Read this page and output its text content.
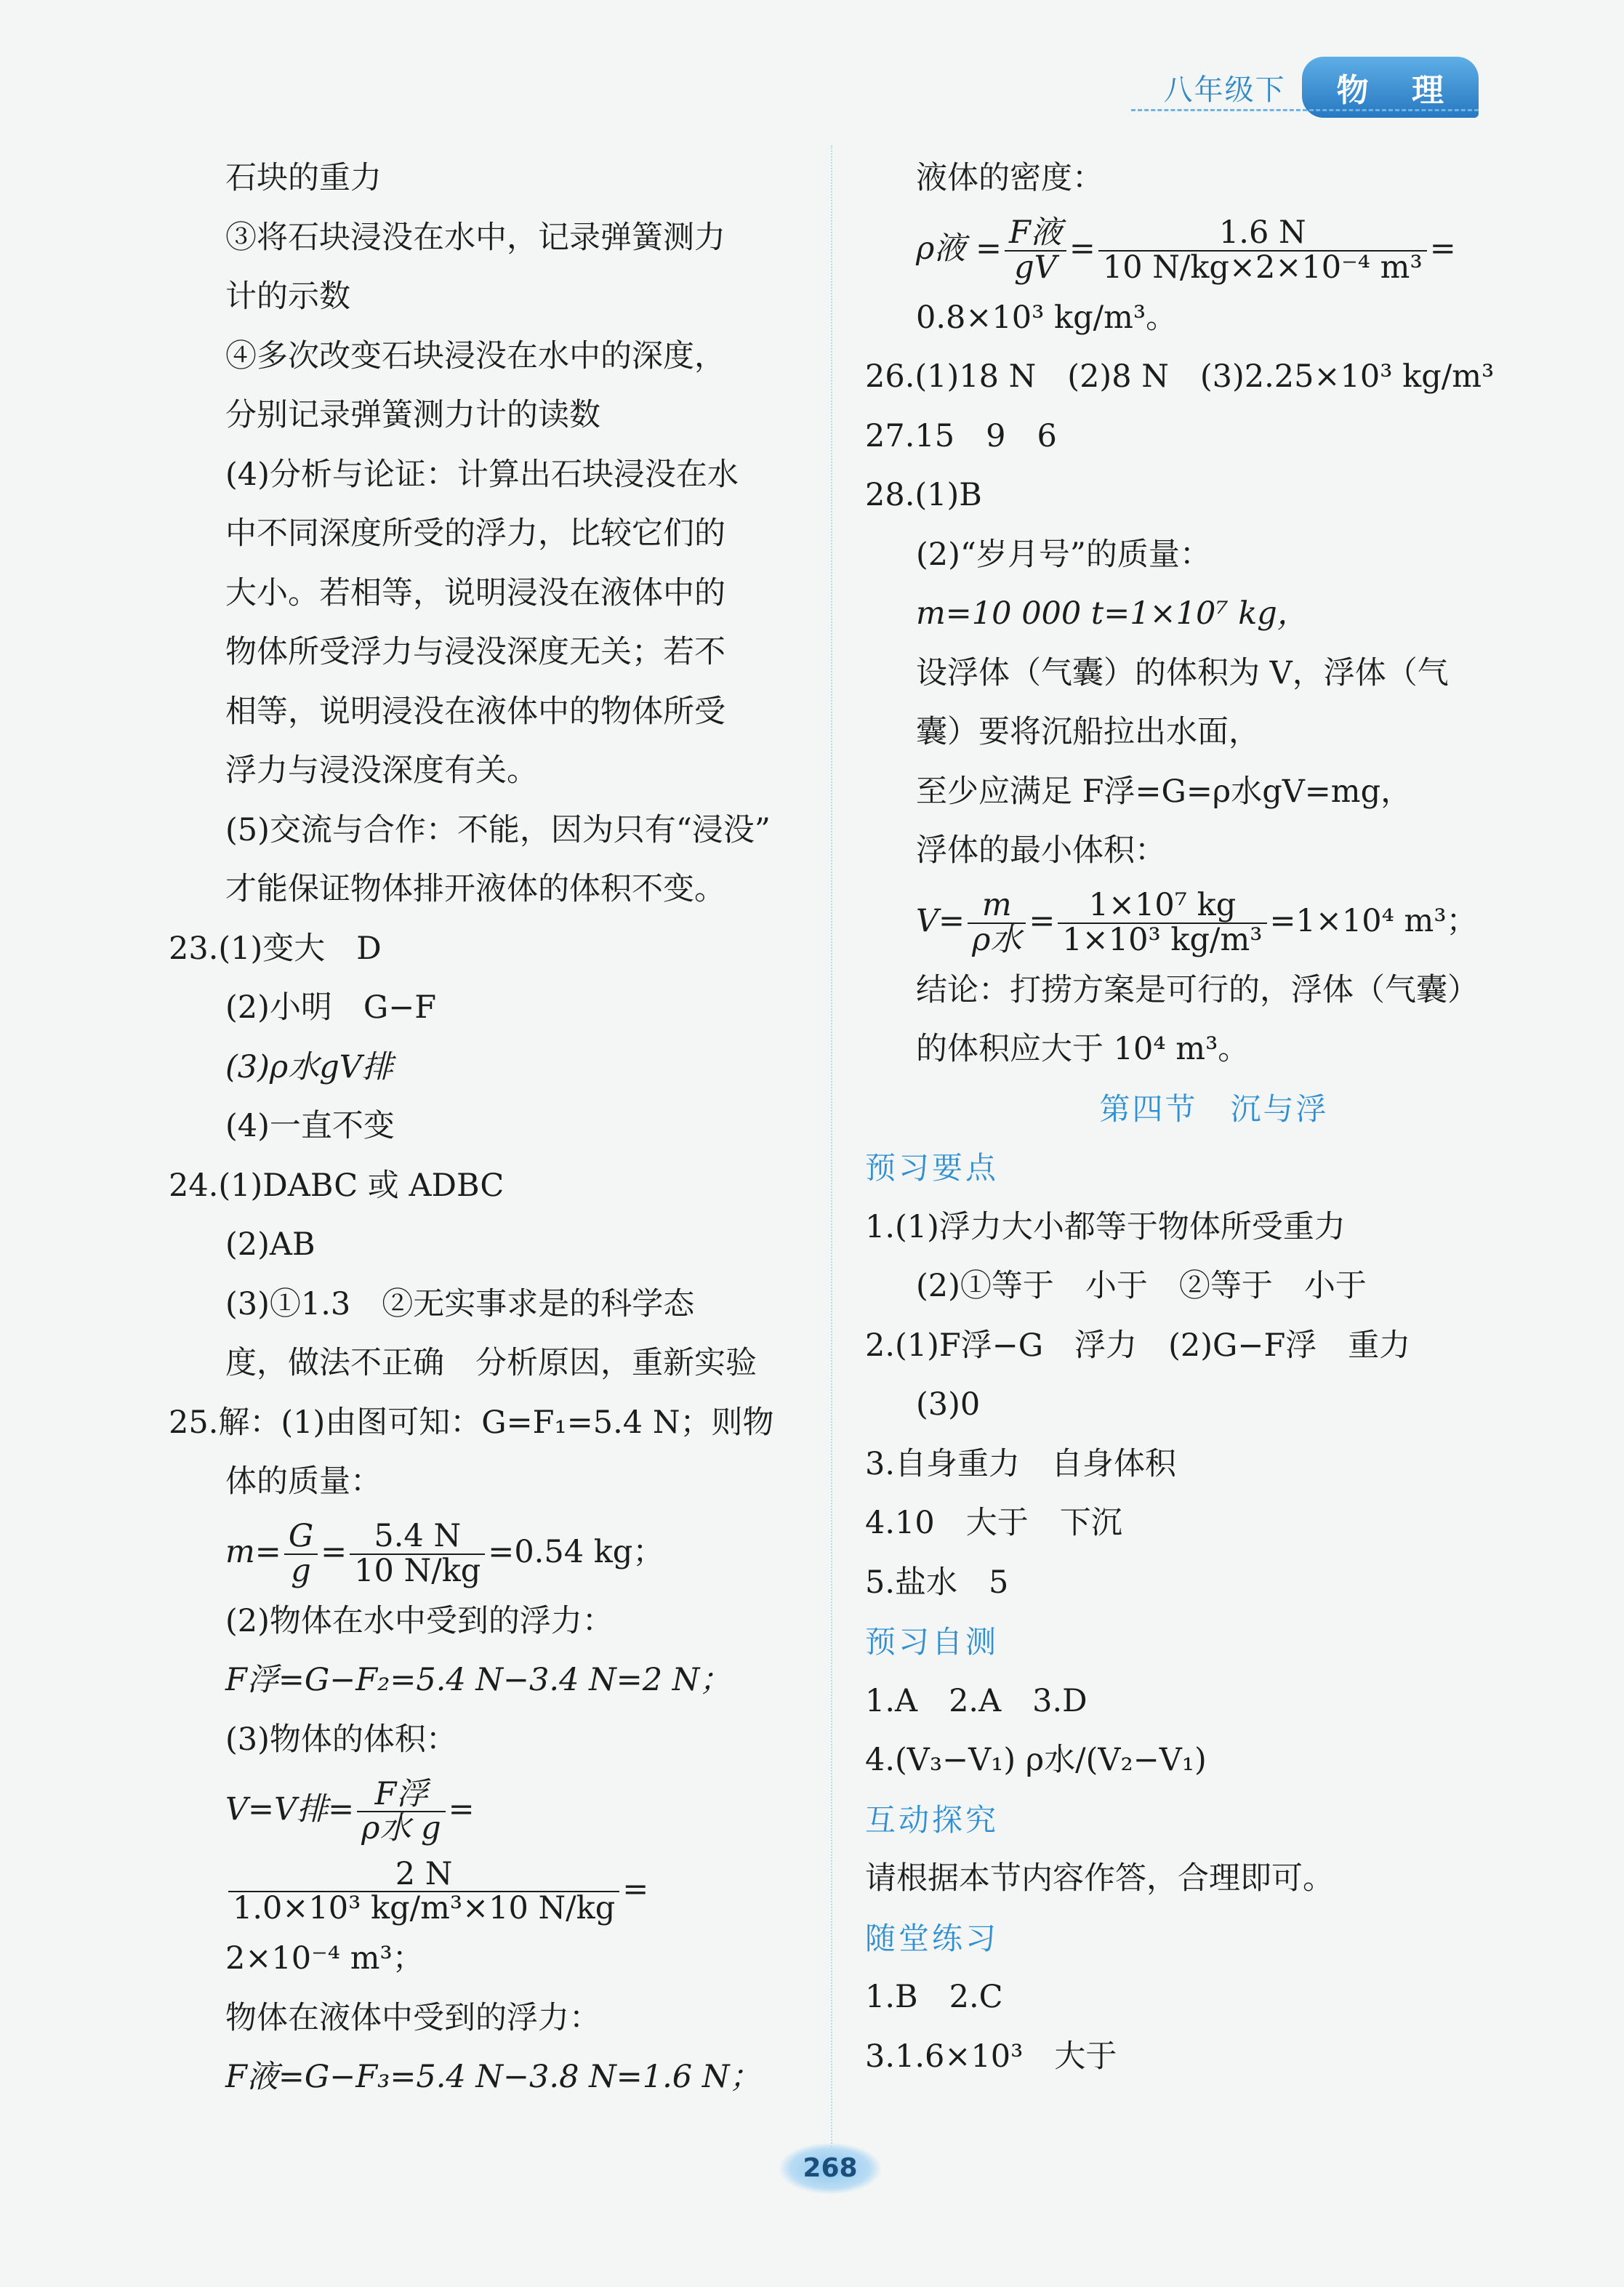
八年级下	物 理
石块的重力
③将石块浸没在水中，记录弹簧测力
计的示数
④多次改变石块浸没在水中的深度，
分别记录弹簧测力计的读数
(4)分析与论证：计算出石块浸没在水
中不同深度所受的浮力，比较它们的
大小。若相等，说明浸没在液体中的
物体所受浮力与浸没深度无关；若不
相等，说明浸没在液体中的物体所受
浮力与浸没深度有关。
(5)交流与合作：不能，因为只有“浸没”
才能保证物体排开液体的体积不变。
23.(1)变大　D
(2)小明　G−F
(3)ρ水gV排
(4)一直不变
24.(1)DABC 或 ADBC
(2)AB
(3)①1.3　②无实事求是的科学态
度，做法不正确　分析原因，重新实验
25.解：(1)由图可知：G=F₁=5.4 N；则物
体的质量：
$m= \frac{G}{g} = \frac{5.4 N}{10 N/kg} =0.54$ kg；
(2)物体在水中受到的浮力：
F浮=G−F₂=5.4 N−3.4 N=2 N；
(3)物体的体积：
V=V排= $\frac{\text{F浮}}{\text{ρ水 g}}$ =
$\frac{2 N}{\text{1.0×10³ kg/m³×10 N/kg}}$ =
2×10⁻⁴ m³；
物体在液体中受到的浮力：
F液=G−F₃=5.4 N−3.8 N=1.6 N；
液体的密度：
ρ液 = $\frac{\text{F液}}{gV} = \frac{1.6 N}{\text{10 N/kg×2×10⁻⁴ m³}}$ =
0.8×10³ kg/m³。
26.(1)18 N　(2)8 N　(3)2.25×10³ kg/m³
27.15　9　6
28.(1)B
(2)“岁月号”的质量：
m=10 000 t=1×10⁷ kg，
设浮体（气囊）的体积为 V，浮体（气
囊）要将沉船拉出水面，
至少应满足 F浮=G=ρ水gV=mg，
浮体的最小体积：
$V= \frac{m}{\text{ρ水}} = \frac{\text{1×10⁷ kg}}{\text{1×10³ kg/m³}} =1\times 10^4$ m³；
结论：打捞方案是可行的，浮体（气囊）
的体积应大于 10⁴ m³。
第四节　沉与浮
预习要点
1.(1)浮力大小都等于物体所受重力
(2)①等于　小于　②等于　小于
2.(1)F浮−G　浮力　(2)G−F浮　重力
(3)0
3.自身重力　自身体积
4.10　大于　下沉
5.盐水　5
预习自测
1.A　2.A　3.D
4.(V₃−V₁) ρ水/(V₂−V₁)
互动探究
请根据本节内容作答，合理即可。
随堂练习
1.B　2.C
3.1.6×10³　大于
268
